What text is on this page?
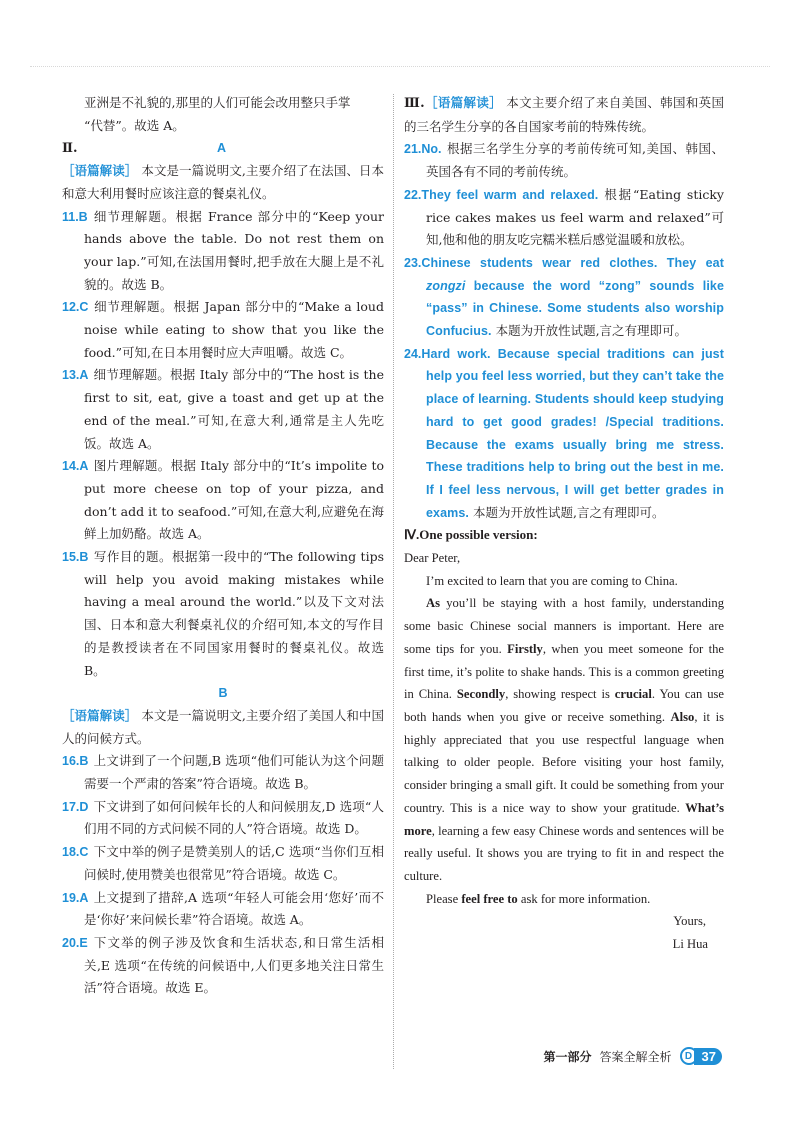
亚洲是不礼貌的,那里的人们可能会改用整只手掌
“代替”。故选 A。

Ⅱ.	A

［语篇解读］ 本文是一篇说明文,主要介绍了在法国、日本和意大利用餐时应该注意的餐桌礼仪。

11.B 细节理解题。根据 France 部分中的“Keep your hands above the table. Do not rest them on your lap.”可知,在法国用餐时,把手放在大腿上是不礼貌的。故选 B。

12.C 细节理解题。根据 Japan 部分中的“Make a loud noise while eating to show that you like the food.”可知,在日本用餐时应大声咀嚼。故选 C。

13.A 细节理解题。根据 Italy 部分中的“The host is the first to sit, eat, give a toast and get up at the end of the meal.”可知,在意大利,通常是主人先吃饭。故选 A。

14.A 图片理解题。根据 Italy 部分中的“It’s impolite to put more cheese on top of your pizza, and don’t add it to seafood.”可知,在意大利,应避免在海鲜上加奶酪。故选 A。

15.B 写作目的题。根据第一段中的“The following tips will help you avoid making mistakes while having a meal around the world.”以及下文对法国、日本和意大利餐桌礼仪的介绍可知,本文的写作目的是教授读者在不同国家用餐时的餐桌礼仪。故选 B。

B

［语篇解读］ 本文是一篇说明文,主要介绍了美国人和中国人的问候方式。

16.B 上文讲到了一个问题,B 选项“他们可能认为这个问题需要一个严肃的答案”符合语境。故选 B。

17.D 下文讲到了如何问候年长的人和问候朋友,D 选项“人们用不同的方式问候不同的人”符合语境。故选 D。

18.C 下文中举的例子是赞美别人的话,C 选项“当你们互相问候时,使用赞美也很常见”符合语境。故选 C。

19.A 上文提到了措辞,A 选项“年轻人可能会用‘您好’而不是‘你好’来问候长辈”符合语境。故选 A。

20.E 下文举的例子涉及饮食和生活状态,和日常生活相关,E 选项“在传统的问候语中,人们更多地关注日常生活”符合语境。故选 E。

Ⅲ.［语篇解读］ 本文主要介绍了来自美国、韩国和英国的三名学生分享的各自国家考前的特殊传统。

21.No. 根据三名学生分享的考前传统可知,美国、韩国、英国各有不同的考前传统。

22.They feel warm and relaxed. 根据“Eating sticky rice cakes makes us feel warm and relaxed”可知,他和他的朋友吃完糯米糕后感觉温暖和放松。

23.Chinese students wear red clothes. They eat zongzi because the word “zong” sounds like “pass” in Chinese. Some students also worship Confucius. 本题为开放性试题,言之有理即可。

24.Hard work. Because special traditions can just help you feel less worried, but they can’t take the place of learning. Students should keep studying hard to get good grades! /Special traditions. Because the exams usually bring me stress. These traditions help to bring out the best in me. If I feel less nervous, I will get better grades in exams. 本题为开放性试题,言之有理即可。

Ⅳ.One possible version:

Dear Peter,

I’m excited to learn that you are coming to China.

As you’ll be staying with a host family, understanding some basic Chinese social manners is important. Here are some tips for you. Firstly, when you meet someone for the first time, it’s polite to shake hands. This is a common greeting in China. Secondly, showing respect is crucial. You can use both hands when you give or receive something. Also, it is highly appreciated that you use respectful language when talking to older people. Before visiting your host family, consider bringing a small gift. It could be something from your country. This is a nice way to show your gratitude. What’s more, learning a few easy Chinese words and sentences will be really useful. It shows you are trying to fit in and respect the culture.

Please feel free to ask for more information.

Yours,

Li Hua

第一部分 答案全解全析	D 37
